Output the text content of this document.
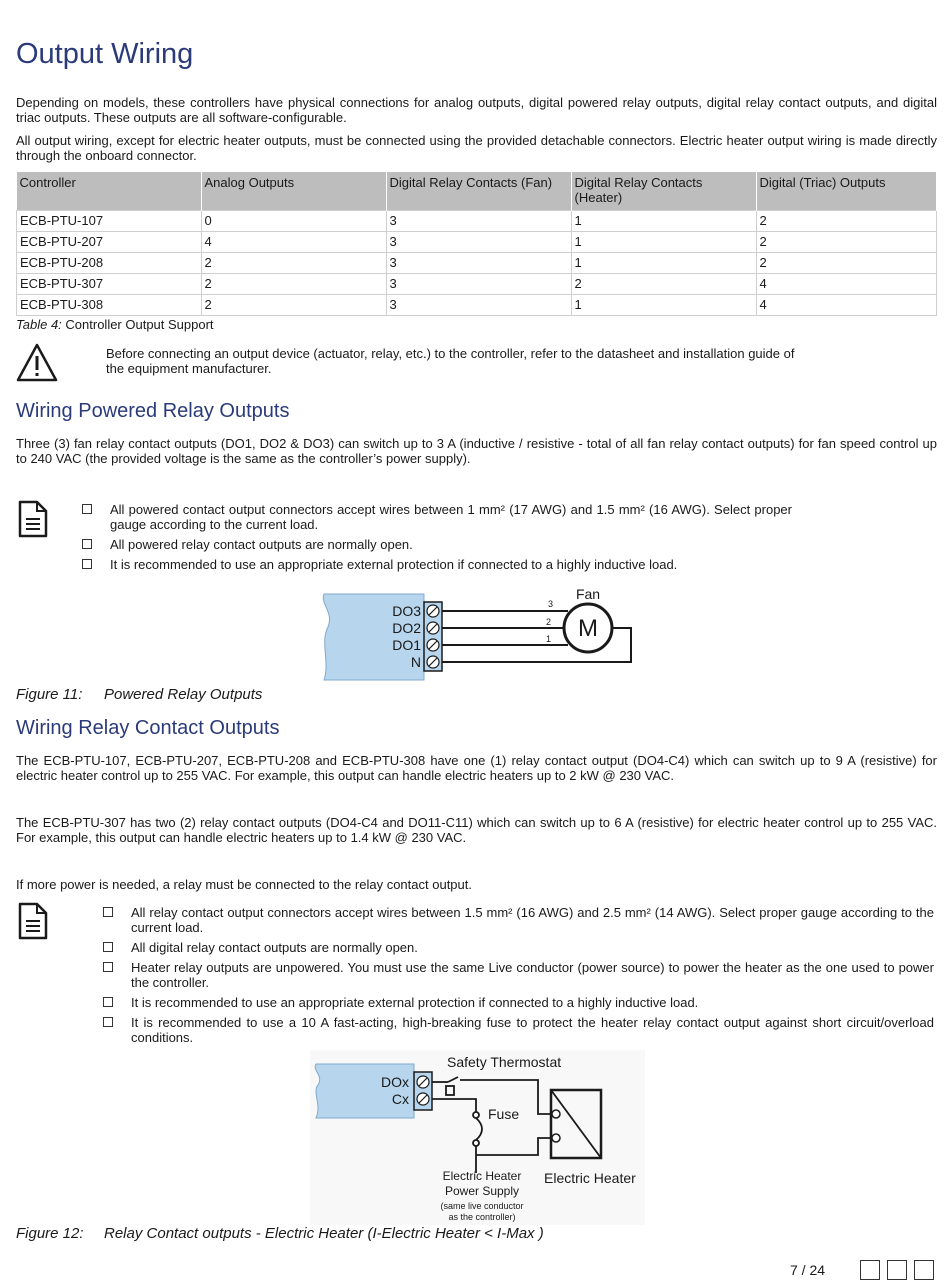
Output Wiring

Depending on models, these controllers have physical connections for analog outputs, digital powered relay outputs, digital relay contact outputs, and digital triac outputs. These outputs are all software-configurable.

All output wiring, except for electric heater outputs, must be connected using the provided detachable connectors. Electric heater output wiring is made directly through the onboard connector.

Controller	Analog Outputs	Digital Relay Contacts (Fan)	Digital Relay Contacts (Heater)	Digital (Triac) Outputs
ECB-PTU-107	0	3	1	2
ECB-PTU-207	4	3	1	2
ECB-PTU-208	2	3	1	2
ECB-PTU-307	2	3	2	4
ECB-PTU-308	2	3	1	4
Table 4: Controller Output Support

Before connecting an output device (actuator, relay, etc.) to the controller, refer to the datasheet and installation guide of the equipment manufacturer.

Wiring Powered Relay Outputs

Three (3) fan relay contact outputs (DO1, DO2 & DO3) can switch up to 3 A (inductive / resistive - total of all fan relay contact outputs) for fan speed control up to 240 VAC (the provided voltage is the same as the controller’s power supply).

All powered contact output connectors accept wires between 1 mm² (17 AWG) and 1.5 mm² (16 AWG). Select proper gauge according to the current load.
All powered relay contact outputs are normally open.
It is recommended to use an appropriate external protection if connected to a highly inductive load.
DO3
DO2
DO1
N
M
Fan
3
2
1
Figure 11: Powered Relay Outputs
Wiring Relay Contact Outputs

The ECB-PTU-107, ECB-PTU-207, ECB-PTU-208 and ECB-PTU-308 have one (1) relay contact output (DO4-C4) which can switch up to 9 A (resistive) for electric heater control up to 255 VAC. For example, this output can handle electric heaters up to 2 kW @ 230 VAC.

The ECB-PTU-307 has two (2) relay contact outputs (DO4-C4 and DO11-C11) which can switch up to 6 A (resistive) for electric heater control up to 255 VAC. For example, this output can handle electric heaters up to 1.4 kW @ 230 VAC.

If more power is needed, a relay must be connected to the relay contact output.

All relay contact output connectors accept wires between 1.5 mm² (16 AWG) and 2.5 mm² (14 AWG). Select proper gauge according to the current load.
All digital relay contact outputs are normally open.
Heater relay outputs are unpowered. You must use the same Live conductor (power source) to power the heater as the one used to power the controller.
It is recommended to use an appropriate external protection if connected to a highly inductive load.
It is recommended to use a 10 A fast-acting, high-breaking fuse to protect the heater relay contact output against short circuit/overload conditions.
DOx
Cx
Safety Thermostat
Fuse
Electric Heater
Electric Heater
Power Supply
(same live conductor
as the controller)
Figure 12: Relay Contact outputs - Electric Heater (I-Electric Heater < I-Max )
7 / 24
